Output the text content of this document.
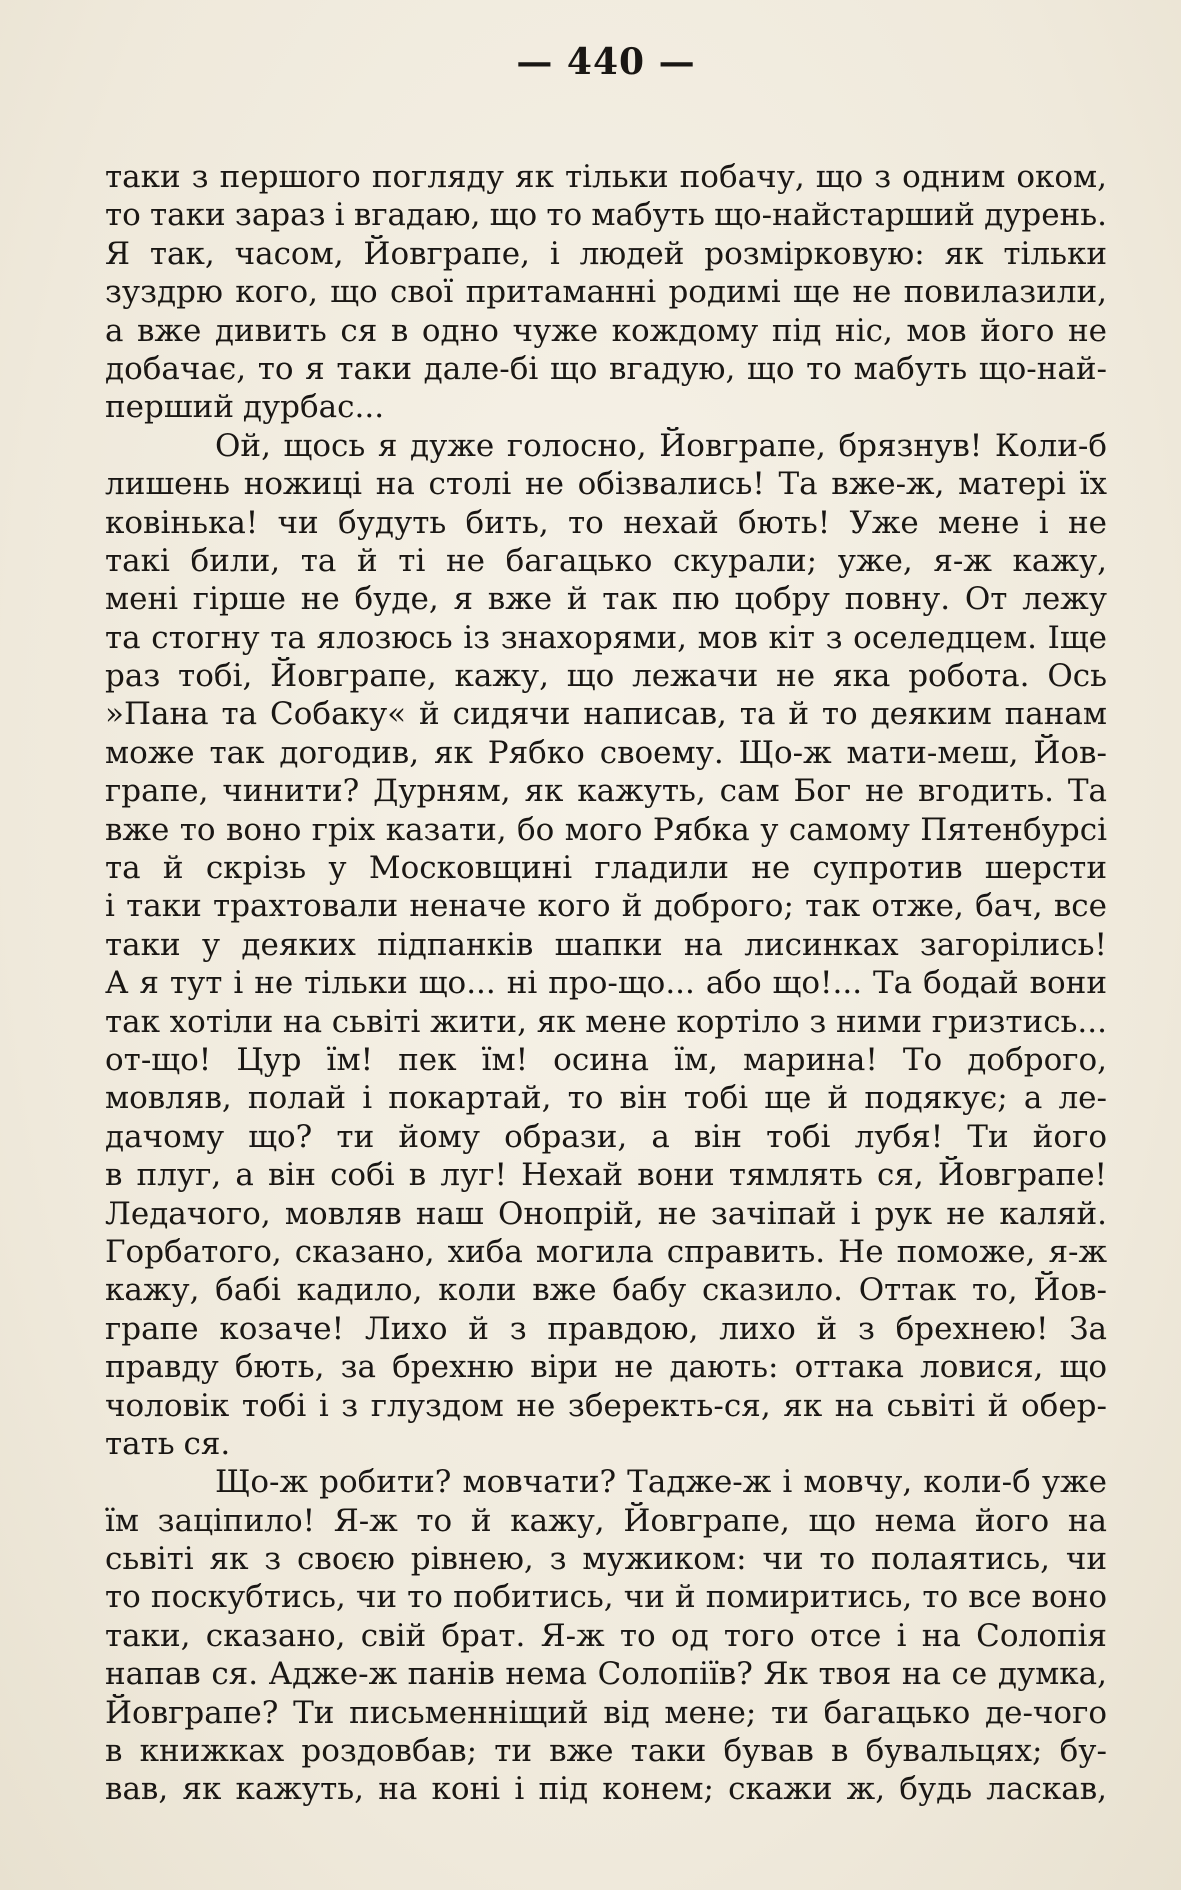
— 440 —
таки з першого погляду як тільки побачу, що з одним оком,
то таки зараз і вгадаю, що то мабуть що-найстарший дурень.
Я так, часом, Йовграпе, і людей розмірковую: як тільки
зуздрю кого, що свої притаманні родимі ще не повилазили,
а вже дивить ся в одно чуже кождому під ніс, мов його не
добачає, то я таки дале-бі що вгадую, що то мабуть що-най-
перший дурбас...
Ой, щось я дуже голосно, Йовграпе, брязнув! Коли-б
лишень ножиці на столі не обізвались! Та вже-ж, матері їх
ковінька! чи будуть бить, то нехай бють! Уже мене і не
такі били, та й ті не багацько скурали; уже, я-ж кажу,
мені гірше не буде, я вже й так пю цобру повну. От лежу
та стогну та ялозюсь із знахорями, мов кіт з оселедцем. Іще
раз тобі, Йовграпе, кажу, що лежачи не яка робота. Ось
»Пана та Собаку« й сидячи написав, та й то деяким панам
може так догодив, як Рябко своему. Що-ж мати-меш, Йов-
грапе, чинити? Дурням, як кажуть, сам Бог не вгодить. Та
вже то воно гріх казати, бо мого Рябка у самому Пятенбурсі
та й скрізь у Московщині гладили не супротив шерсти
і таки трахтовали неначе кого й доброго; так отже, бач, все
таки у деяких підпанків шапки на лисинках загорілись!
А я тут і не тільки що... ні про-що... або що!... Та бодай вони
так хотіли на сьвіті жити, як мене кортіло з ними гризтись...
от-що! Цур їм! пек їм! осина їм, марина! То доброго,
мовляв, полай і покартай, то він тобі ще й подякує; а ле-
дачому що? ти йому образи, а він тобі лубя! Ти його
в плуг, а він собі в луг! Нехай вони тямлять ся, Йовграпе!
Ледачого, мовляв наш Онопрій, не зачіпай і рук не каляй.
Горбатого, сказано, хиба могила справить. Не поможе, я-ж
кажу, бабі кадило, коли вже бабу сказило. Оттак то, Йов-
грапе козаче! Лихо й з правдою, лихо й з брехнею! За
правду бють, за брехню віри не дають: оттака ловися, що
чоловік тобі і з глуздом не зберекть-ся, як на сьвіті й обер-
тать ся.
Що-ж робити? мовчати? Тадже-ж і мовчу, коли-б уже
їм заціпило! Я-ж то й кажу, Йовграпе, що нема його на
сьвіті як з своєю рівнею, з мужиком: чи то полаятись, чи
то поскубтись, чи то побитись, чи й помиритись, то все воно
таки, сказано, свій брат. Я-ж то од того отсе і на Солопія
напав ся. Адже-ж панів нема Солопіїв? Як твоя на се думка,
Йовграпе? Ти письменніщий від мене; ти багацько де-чого
в книжках роздовбав; ти вже таки бував в бувальцях; бу-
вав, як кажуть, на коні і під конем; скажи ж, будь ласкав,
